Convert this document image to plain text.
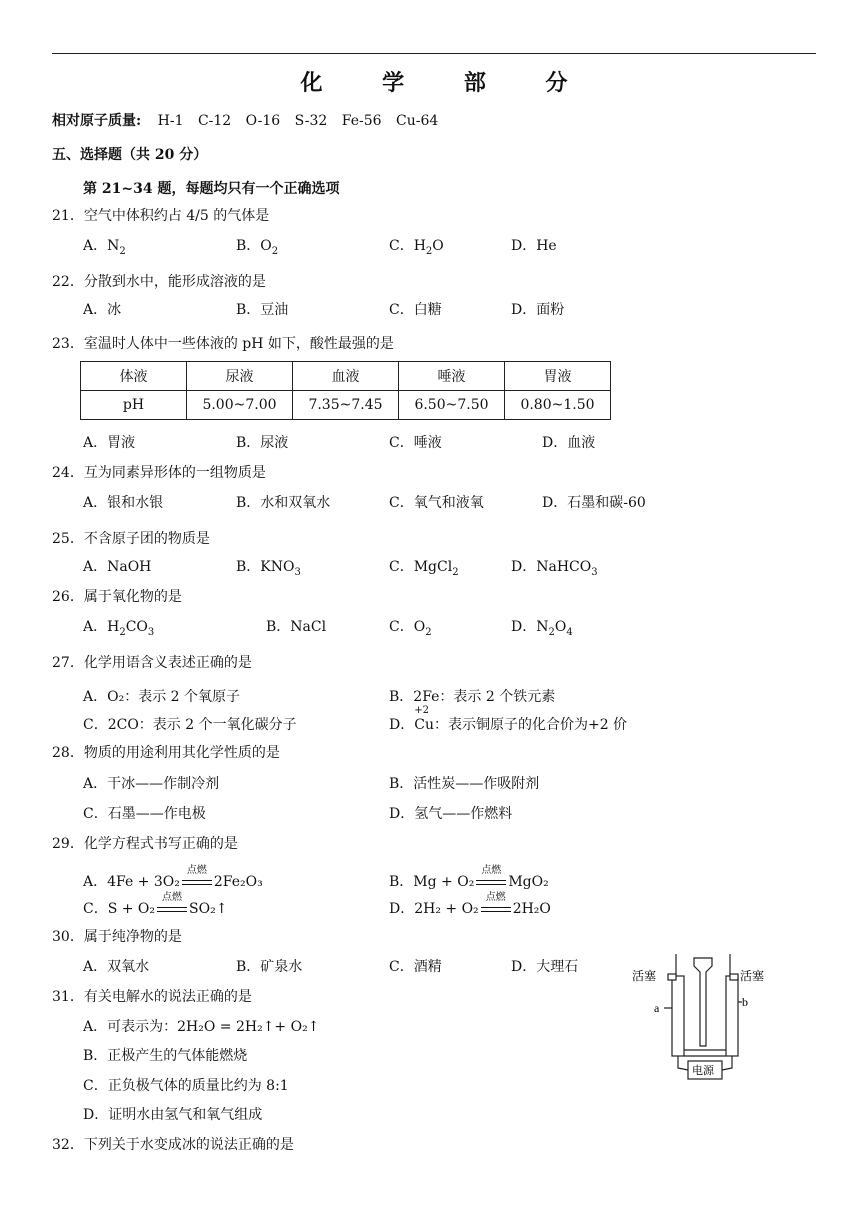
化 学 部 分
相对原子质量: H-1 C-12 O-16 S-32 Fe-56 Cu-64
五、选择题（共 20 分）
第 21~34 题，每题均只有一个正确选项
21．空气中体积约占 4/5 的气体是
A．$N_2$	B．$O_2$	C．$H_2O$	D．He
22．分散到水中，能形成溶液的是
A．冰	B．豆油	C．白糖	D．面粉
23．室温时人体中一些体液的 pH 如下，酸性最强的是
体液	尿液	血液	唾液	胃液
pH	5.00~7.00	7.35~7.45	6.50~7.50	0.80~1.50
A．胃液	B．尿液	C．唾液	D．血液
24．互为同素异形体的一组物质是
A．银和水银	B．水和双氧水	C．氧气和液氧	D．石墨和碳-60
25．不含原子团的物质是
A．NaOH	B．$KNO_3$	C．MgCl$_2$	D．NaHCO$_3$
26．属于氧化物的是
A．$H_2CO_3$	B．NaCl	C．$O_2$	D．$N_2O_4$
27．化学用语含义表述正确的是
A．O₂：表示 2 个氧原子	B．2Fe：表示 2 个铁元素
C．2CO：表示 2 个一氧化碳分子	D．
+2
Cu：表示铜原子的化合价为+2 价
28．物质的用途利用其化学性质的是
A．干冰——作制冷剂	B．活性炭——作吸附剂
C．石墨——作电极	D．氢气——作燃料
29．化学方程式书写正确的是
A．4Fe + 3O₂
点燃
2Fe₂O₃	B．Mg + O₂
点燃
MgO₂
C．S + O₂
点燃
SO₂↑	D．2H₂ + O₂
点燃
2H₂O
30．属于纯净物的是
A．双氧水	B．矿泉水	C．酒精	D．大理石
31．有关电解水的说法正确的是
A．可表示为：2H₂O = 2H₂↑+ O₂↑
B．正极产生的气体能燃烧
C．正负极气体的质量比约为 8:1
D．证明水由氢气和氧气组成
32．下列关于水变成冰的说法正确的是
活塞	活塞
a	b
电源
